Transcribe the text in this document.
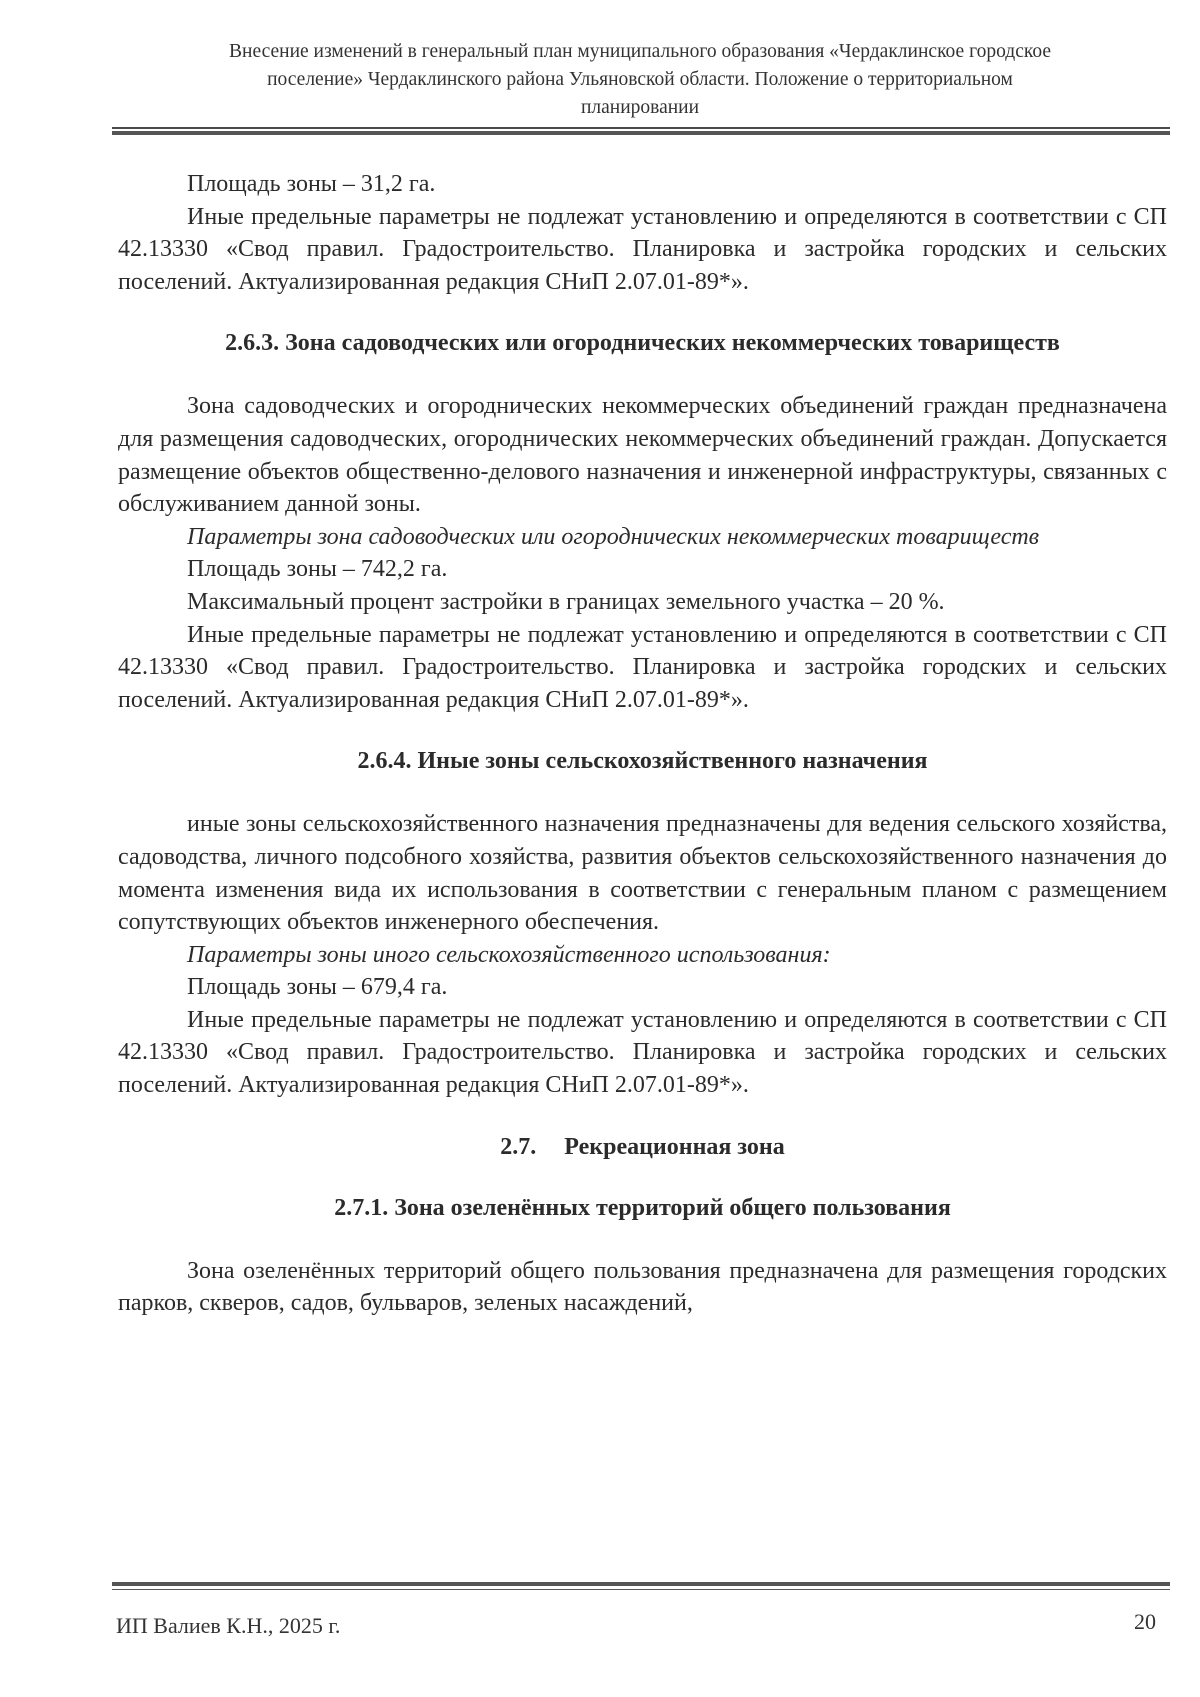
Внесение изменений в генеральный план муниципального образования «Чердаклинское городское
поселение» Чердаклинского района Ульяновской области. Положение о территориальном
планировании

Площадь зоны – 31,2 га.

Иные предельные параметры не подлежат установлению и определяются в соответствии с СП 42.13330 «Свод правил. Градостроительство. Планировка и застройка городских и сельских поселений. Актуализированная редакция СНиП 2.07.01-89*».

2.6.3. Зона садоводческих или огороднических некоммерческих товариществ

Зона садоводческих и огороднических некоммерческих объединений граждан предназначена для размещения садоводческих, огороднических некоммерческих объединений граждан. Допускается размещение объектов общественно-делового назначения и инженерной инфраструктуры, связанных с обслуживанием данной зоны.

Параметры зона садоводческих или огороднических некоммерческих товариществ

Площадь зоны – 742,2 га.

Максимальный процент застройки в границах земельного участка – 20 %.

Иные предельные параметры не подлежат установлению и определяются в соответствии с СП 42.13330 «Свод правил. Градостроительство. Планировка и застройка городских и сельских поселений. Актуализированная редакция СНиП 2.07.01-89*».

2.6.4. Иные зоны сельскохозяйственного назначения

иные зоны сельскохозяйственного назначения предназначены для ведения сельского хозяйства, садоводства, личного подсобного хозяйства, развития объектов сельскохозяйственного назначения до момента изменения вида их использования в соответствии с генеральным планом с размещением сопутствующих объектов инженерного обеспечения.

Параметры зоны иного сельскохозяйственного использования:

Площадь зоны – 679,4 га.

Иные предельные параметры не подлежат установлению и определяются в соответствии с СП 42.13330 «Свод правил. Градостроительство. Планировка и застройка городских и сельских поселений. Актуализированная редакция СНиП 2.07.01-89*».

2.7. Рекреационная зона
2.7.1. Зона озеленённых территорий общего пользования

Зона озеленённых территорий общего пользования предназначена для размещения городских парков, скверов, садов, бульваров, зеленых насаждений,

ИП Валиев К.Н., 2025 г.	20
